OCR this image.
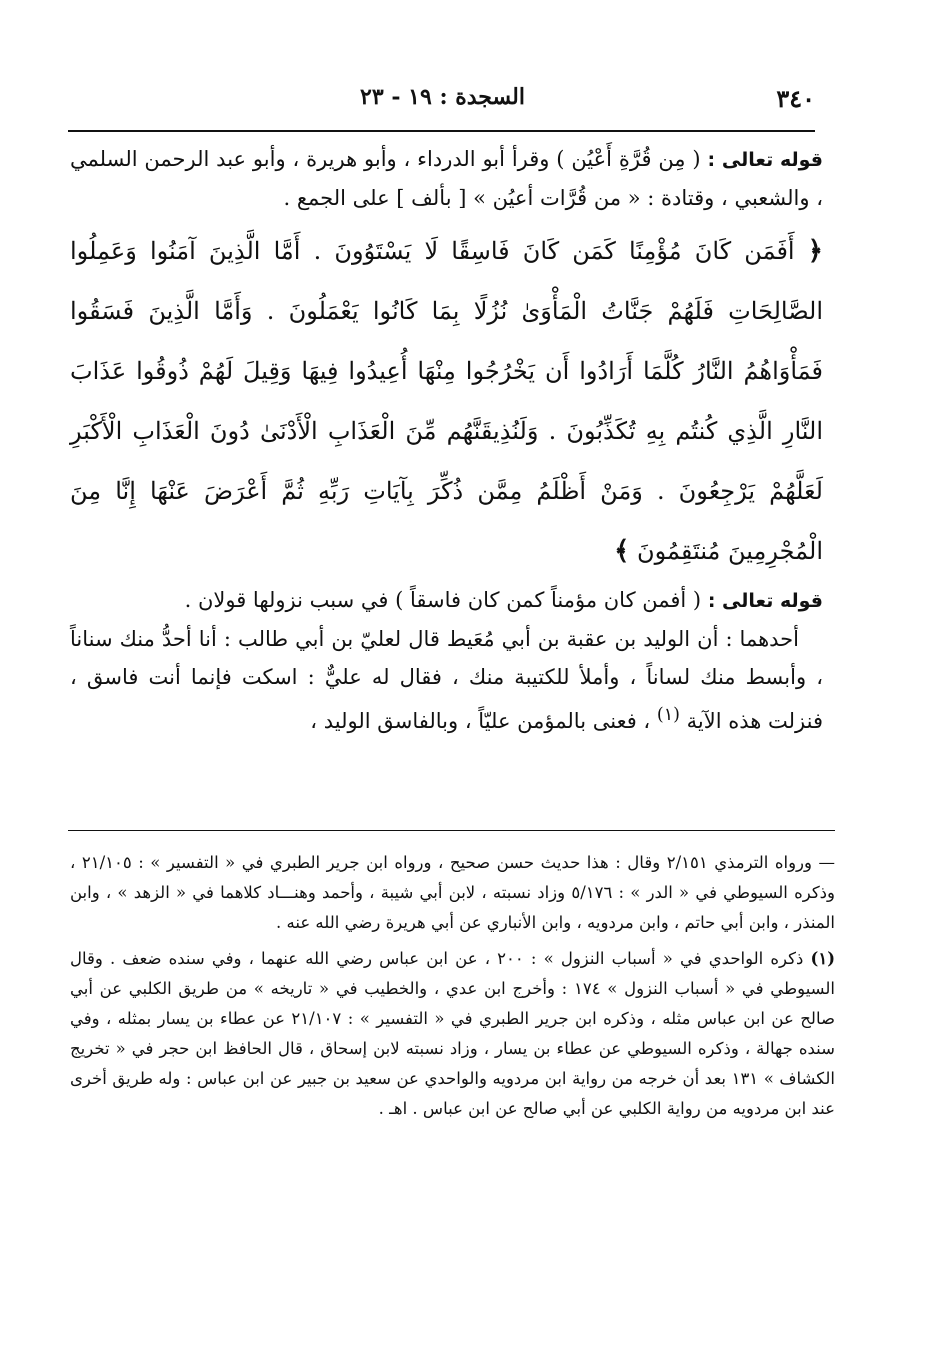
٣٤٠
السجدة : ١٩ - ٢٣

قوله تعالى : ( مِن قُرَّةِ أَعْيُن ) وقرأ أبو الدرداء ، وأبو هريرة ، وأبو عبد الرحمن السلمي ، والشعبي ، وقتادة : « من قُرَّات أعيُن » [ بألف ] على الجمع .

﴿ أَفَمَن كَانَ مُؤْمِنًا كَمَن كَانَ فَاسِقًا لَا يَسْتَوُونَ . أَمَّا الَّذِينَ آمَنُوا وَعَمِلُوا الصَّالِحَاتِ فَلَهُمْ جَنَّاتُ الْمَأْوَىٰ نُزُلًا بِمَا كَانُوا يَعْمَلُونَ . وَأَمَّا الَّذِينَ فَسَقُوا فَمَأْوَاهُمُ النَّارُ كُلَّمَا أَرَادُوا أَن يَخْرُجُوا مِنْهَا أُعِيدُوا فِيهَا وَقِيلَ لَهُمْ ذُوقُوا عَذَابَ النَّارِ الَّذِي كُنتُم بِهِ تُكَذِّبُونَ . وَلَنُذِيقَنَّهُم مِّنَ الْعَذَابِ الْأَدْنَىٰ دُونَ الْعَذَابِ الْأَكْبَرِ لَعَلَّهُمْ يَرْجِعُونَ . وَمَنْ أَظْلَمُ مِمَّن ذُكِّرَ بِآيَاتِ رَبِّهِ ثُمَّ أَعْرَضَ عَنْهَا إِنَّا مِنَ الْمُجْرِمِينَ مُنتَقِمُونَ ﴾

قوله تعالى : ( أفمن كان مؤمناً كمن كان فاسقاً ) في سبب نزولها قولان .

أحدهما : أن الوليد بن عقبة بن أبي مُعَيط قال لعليّ بن أبي طالب : أنا أحدُّ منك سناناً ، وأبسط منك لساناً ، وأملأ للكتيبة منك ، فقال له عليٌّ : اسكت فإنما أنت فاسق ، فنزلت هذه الآية $^{(١)}$ ، فعنى بالمؤمن عليّاً ، وبالفاسق الوليد ،

— ورواه الترمذي ٢/١٥١ وقال : هذا حديث حسن صحيح ، ورواه ابن جرير الطبري في « التفسير » : ٢١/١٠٥ ، وذكره السيوطي في « الدر » : ٥/١٧٦ وزاد نسبته ، لابن أبي شيبة ، وأحمد وهنـــاد كلاهما في « الزهد » ، وابن المنذر ، وابن أبي حاتم ، وابن مردويه ، وابن الأنباري عن أبي هريرة رضي الله عنه .

(١) ذكره الواحدي في « أسباب النزول » : ٢٠٠ ، عن ابن عباس رضي الله عنهما ، وفي سنده ضعف . وقال السيوطي في « أسباب النزول » ١٧٤ : وأخرج ابن عدي ، والخطيب في « تاريخه » من طريق الكلبي عن أبي صالح عن ابن عباس مثله ، وذكره ابن جرير الطبري في « التفسير » : ٢١/١٠٧ عن عطاء بن يسار بمثله ، وفي سنده جهالة ، وذكره السيوطي عن عطاء بن يسار ، وزاد نسبته لابن إسحاق ، قال الحافظ ابن حجر في « تخريج الكشاف » ١٣١ بعد أن خرجه من رواية ابن مردويه والواحدي عن سعيد بن جبير عن ابن عباس : وله طريق أخرى عند ابن مردويه من رواية الكلبي عن أبي صالح عن ابن عباس . اهـ .
